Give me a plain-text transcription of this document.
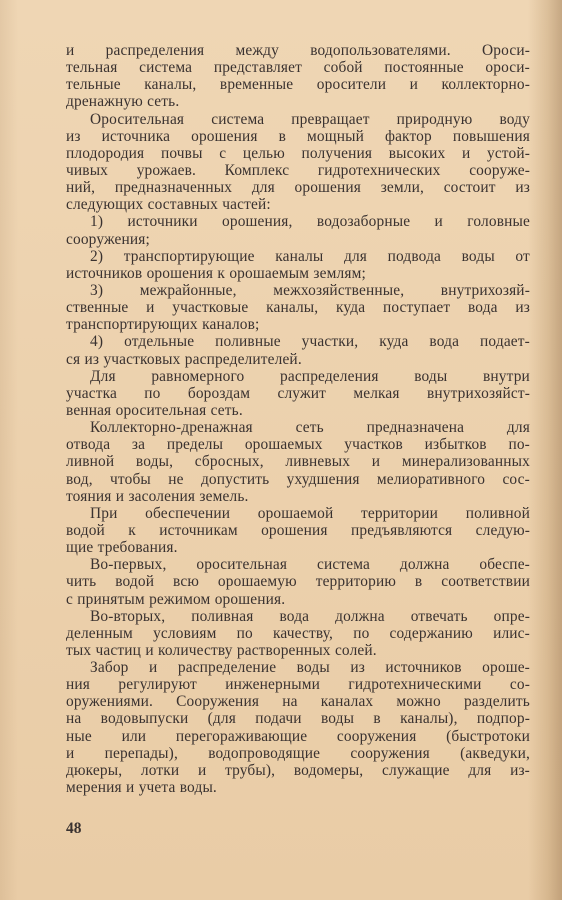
и распределения между водопользователями. Ороси-
тельная система представляет собой постоянные ороси-
тельные каналы, временные оросители и коллекторно-
дренажную сеть.
Оросительная система превращает природную воду
из источника орошения в мощный фактор повышения
плодородия почвы с целью получения высоких и устой-
чивых урожаев. Комплекс гидротехнических сооруже-
ний, предназначенных для орошения земли, состоит из
следующих составных частей:
1) источники орошения, водозаборные и головные
сооружения;
2) транспортирующие каналы для подвода воды от
источников орошения к орошаемым землям;
3) межрайонные, межхозяйственные, внутрихозяй-
ственные и участковые каналы, куда поступает вода из
транспортирующих каналов;
4) отдельные поливные участки, куда вода подает-
ся из участковых распределителей.
Для равномерного распределения воды внутри
участка по бороздам служит мелкая внутрихозяйст-
венная оросительная сеть.
Коллекторно-дренажная	сеть	предназначена	для
отвода за пределы орошаемых участков избытков по-
ливной воды, сбросных, ливневых и минерализованных
вод, чтобы не допустить ухудшения мелиоративного сос-
тояния и засоления земель.
При обеспечении орошаемой территории поливной
водой к источникам орошения предъявляются следую-
щие требования.
Во-первых, оросительная система должна обеспе-
чить водой всю орошаемую территорию в соответствии
с принятым режимом орошения.
Во-вторых, поливная вода должна отвечать опре-
деленным условиям по качеству, по содержанию илис-
тых частиц и количеству растворенных солей.
Забор и распределение воды из источников ороше-
ния регулируют инженерными гидротехническими со-
оружениями. Сооружения на каналах можно разделить
на водовыпуски (для подачи воды в каналы), подпор-
ные или перегораживающие сооружения (быстротоки
и перепады), водопроводящие сооружения (акведуки,
дюкеры, лотки и трубы), водомеры, служащие для из-
мерения и учета воды.
48
